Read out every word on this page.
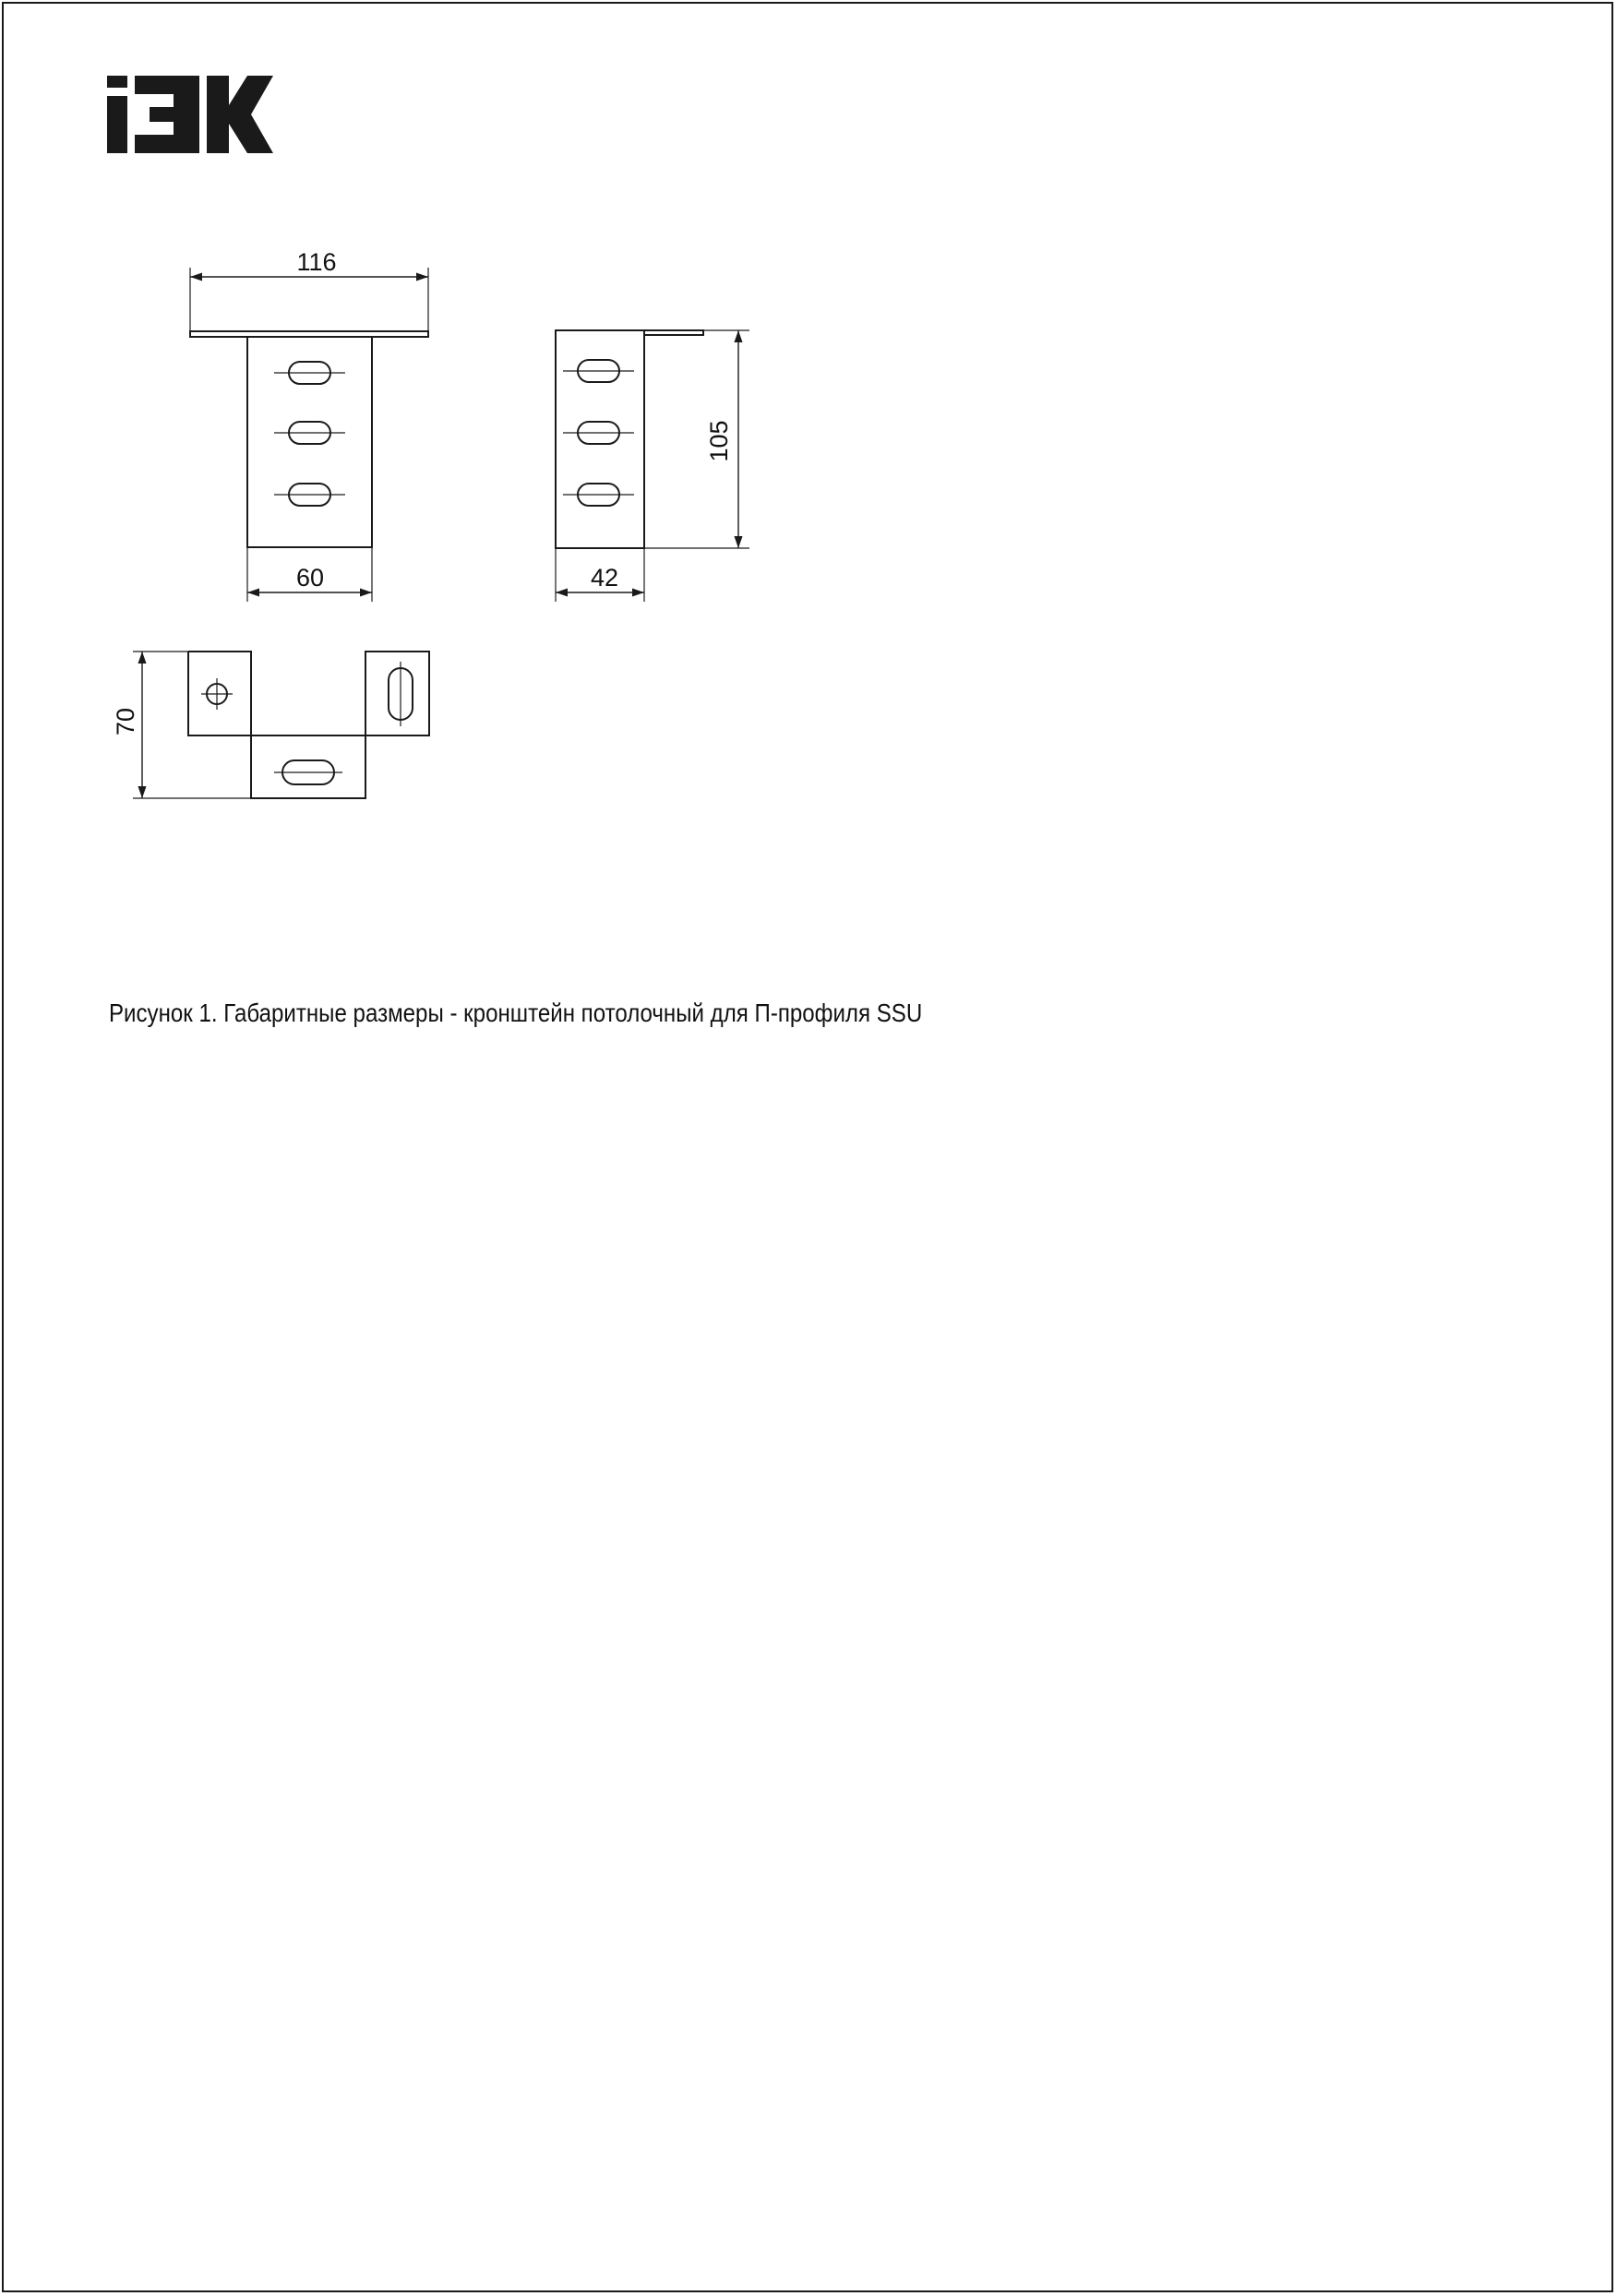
116
60
105
42
70

Рисунок 1. Габаритные размеры - кронштейн потолочный для П-профиля SSU
